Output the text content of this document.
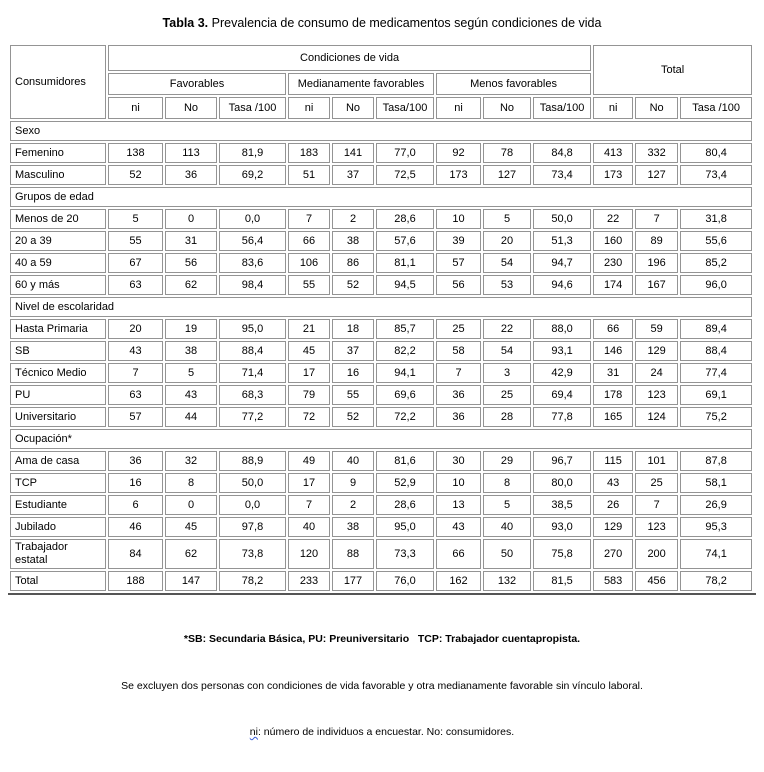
Tabla 3. Prevalencia de consumo de medicamentos según condiciones de vida
Consumidores	Condiciones de vida									Total		
	Favorables			Medianamente favorables			Menos favorables					
	ni	No	Tasa /100	ni	No	Tasa/100	ni	No	Tasa/100	ni	No	Tasa /100
Sexo												
Femenino	138	113	81,9	183	141	77,0	92	78	84,8	413	332	80,4
Masculino	52	36	69,2	51	37	72,5	173	127	73,4	173	127	73,4
Grupos de edad												
Menos de 20	5	0	0,0	7	2	28,6	10	5	50,0	22	7	31,8
20 a 39	55	31	56,4	66	38	57,6	39	20	51,3	160	89	55,6
40 a 59	67	56	83,6	106	86	81,1	57	54	94,7	230	196	85,2
60 y más	63	62	98,4	55	52	94,5	56	53	94,6	174	167	96,0
Nivel de escolaridad												
Hasta Primaria	20	19	95,0	21	18	85,7	25	22	88,0	66	59	89,4
SB	43	38	88,4	45	37	82,2	58	54	93,1	146	129	88,4
Técnico Medio	7	5	71,4	17	16	94,1	7	3	42,9	31	24	77,4
PU	63	43	68,3	79	55	69,6	36	25	69,4	178	123	69,1
Universitario	57	44	77,2	72	52	72,2	36	28	77,8	165	124	75,2
Ocupación*												
Ama de casa	36	32	88,9	49	40	81,6	30	29	96,7	115	101	87,8
TCP	16	8	50,0	17	9	52,9	10	8	80,0	43	25	58,1
Estudiante	6	0	0,0	7	2	28,6	13	5	38,5	26	7	26,9
Jubilado	46	45	97,8	40	38	95,0	43	40	93,0	129	123	95,3
Trabajador estatal	84	62	73,8	120	88	73,3	66	50	75,8	270	200	74,1
Total	188	147	78,2	233	177	76,0	162	132	81,5	583	456	78,2

*SB: Secundaria Básica, PU: Preuniversitario   TCP: Trabajador cuentapropista.

Se excluyen dos personas con condiciones de vida favorable y otra medianamente favorable sin vínculo laboral.

ni: número de individuos a encuestar. No: consumidores.
